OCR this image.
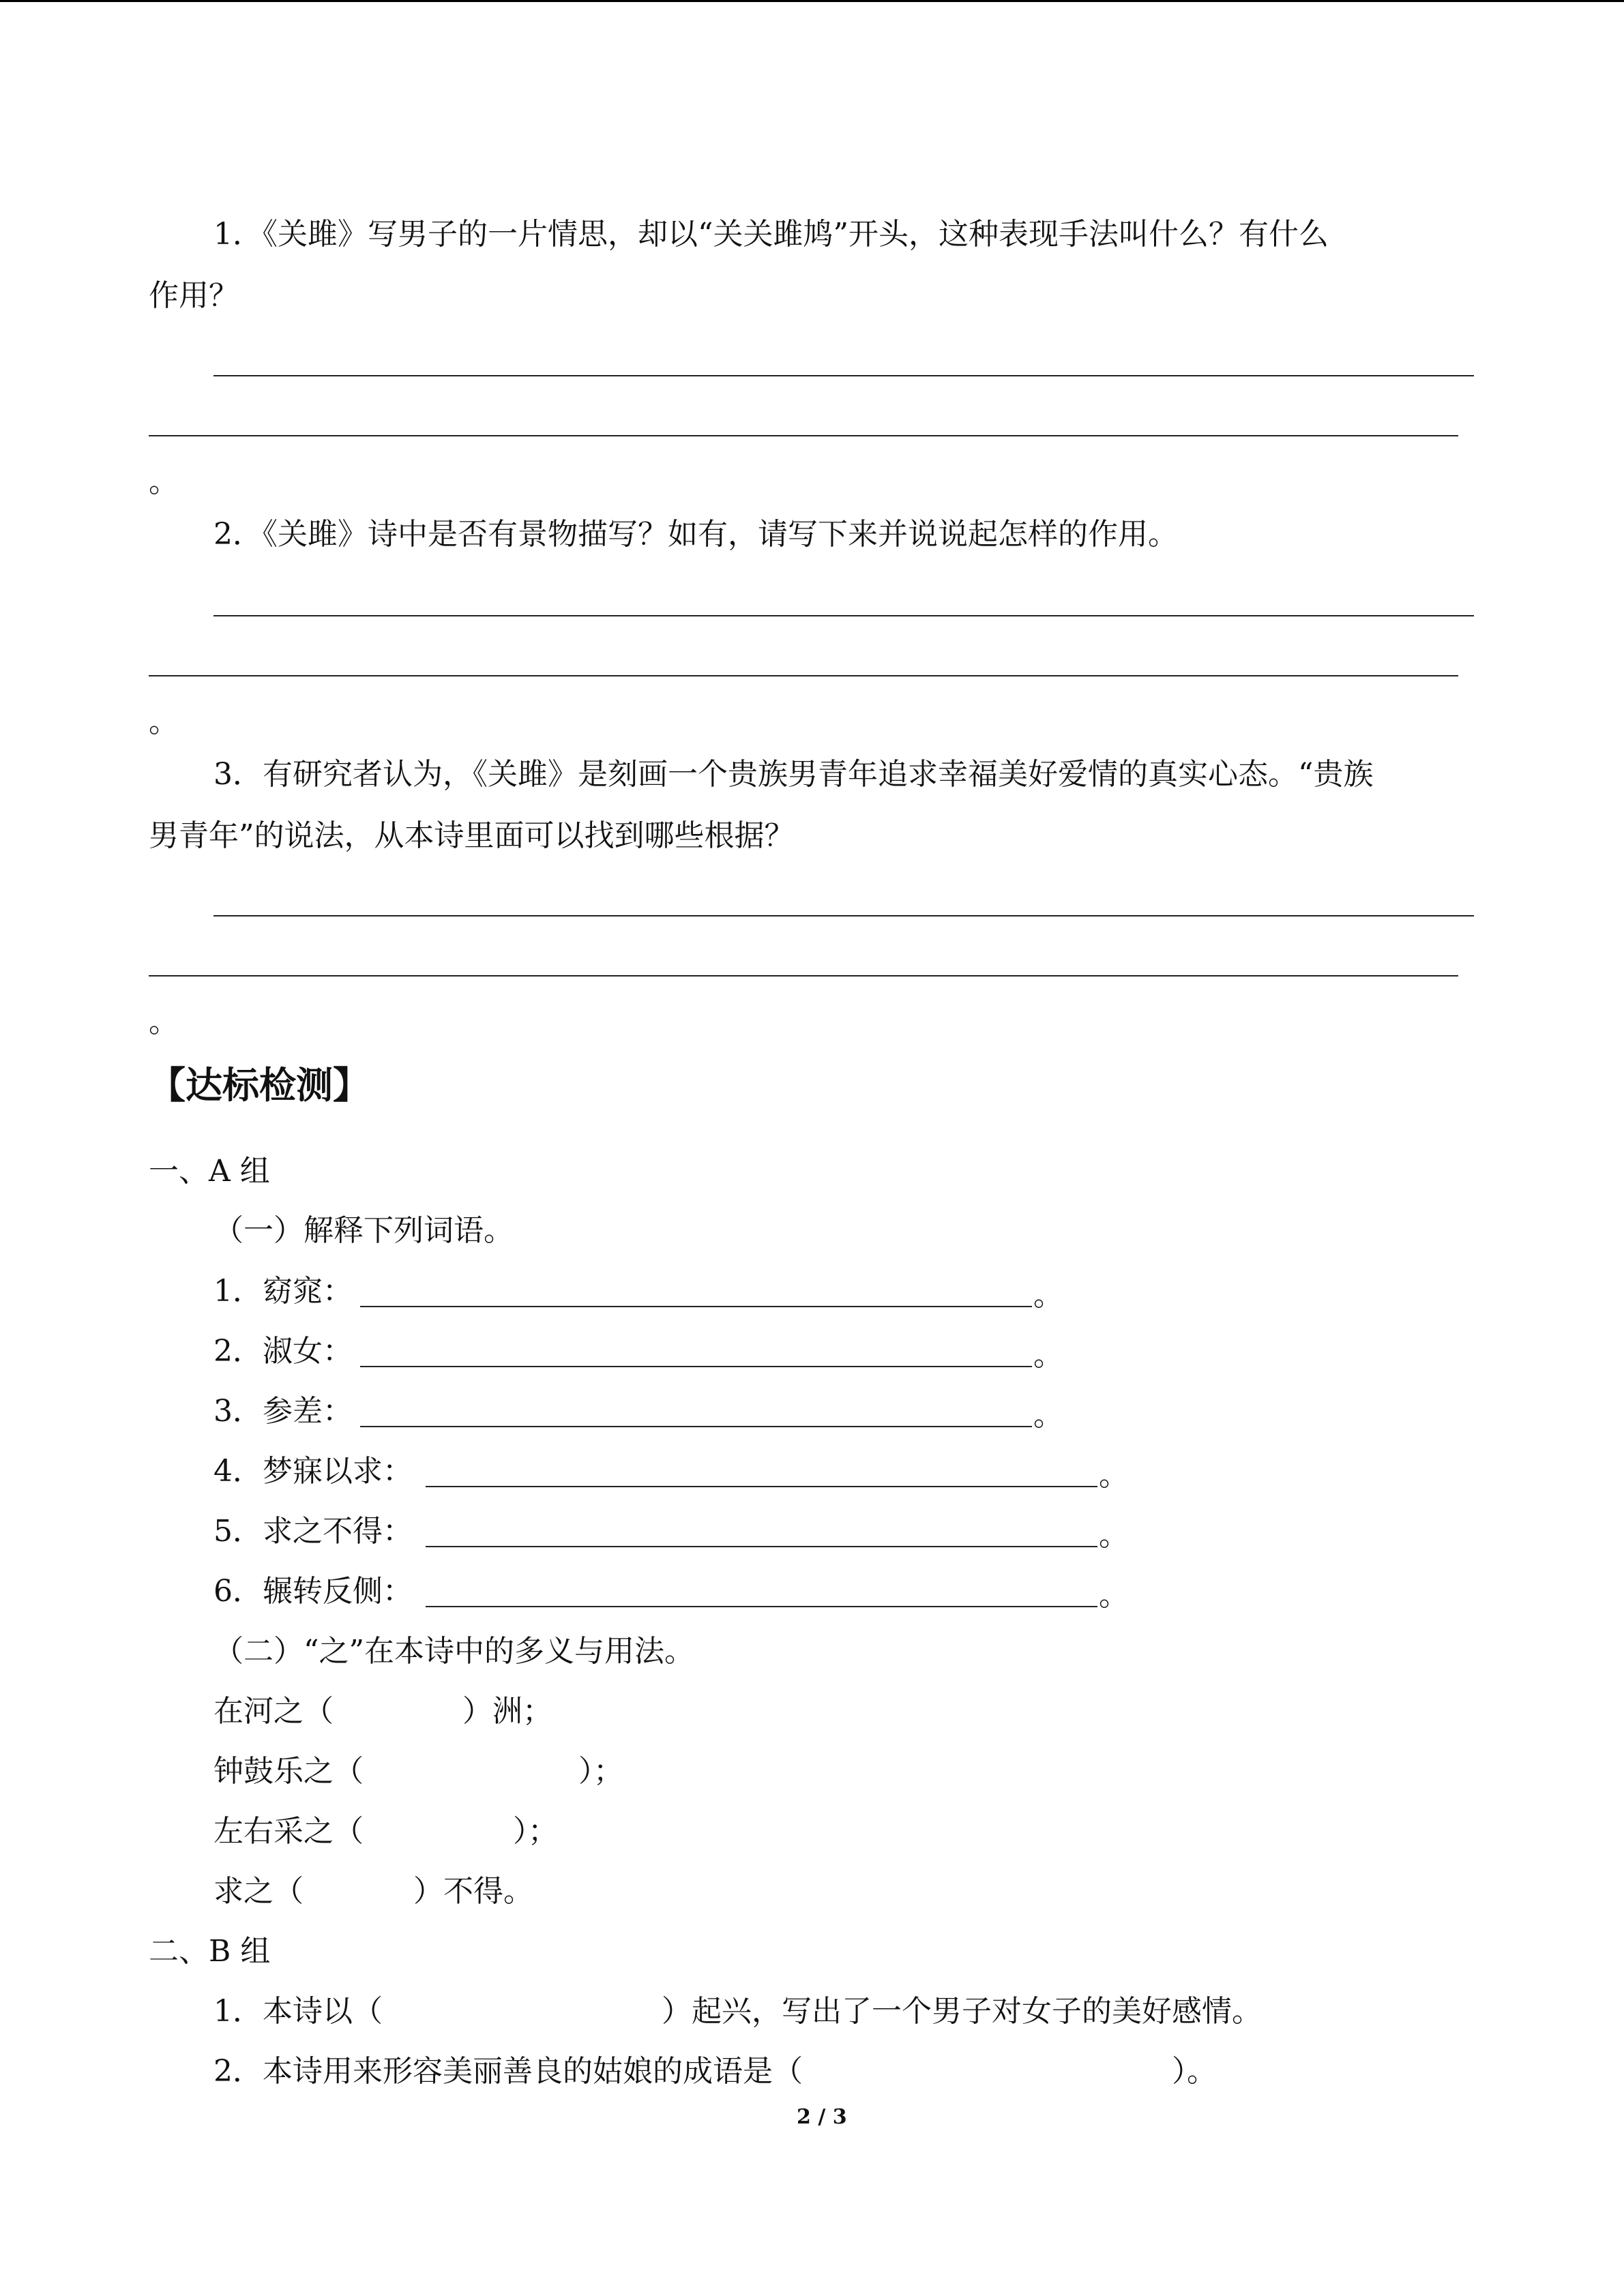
1．《关雎》写男子的一片情思，却以“关关雎鸠”开头，这种表现手法叫什么？有什么
作用？
。
2．《关雎》诗中是否有景物描写？如有，请写下来并说说起怎样的作用。
。
3．有研究者认为，《关雎》是刻画一个贵族男青年追求幸福美好爱情的真实心态。“贵族
男青年”的说法，从本诗里面可以找到哪些根据？
。
【达标检测】
一、A 组
（一）解释下列词语。
1．窈窕：	。
2．淑女：	。
3．参差：	。
4．梦寐以求：	。
5．求之不得：	。
6．辗转反侧：	。
（二）“之”在本诗中的多义与用法。
在河之（	）洲；
钟鼓乐之（	）；
左右采之（	）；
求之（	）不得。
二、B 组
1．本诗以（	）起兴，写出了一个男子对女子的美好感情。
2．本诗用来形容美丽善良的姑娘的成语是（	）。
2 / 3
